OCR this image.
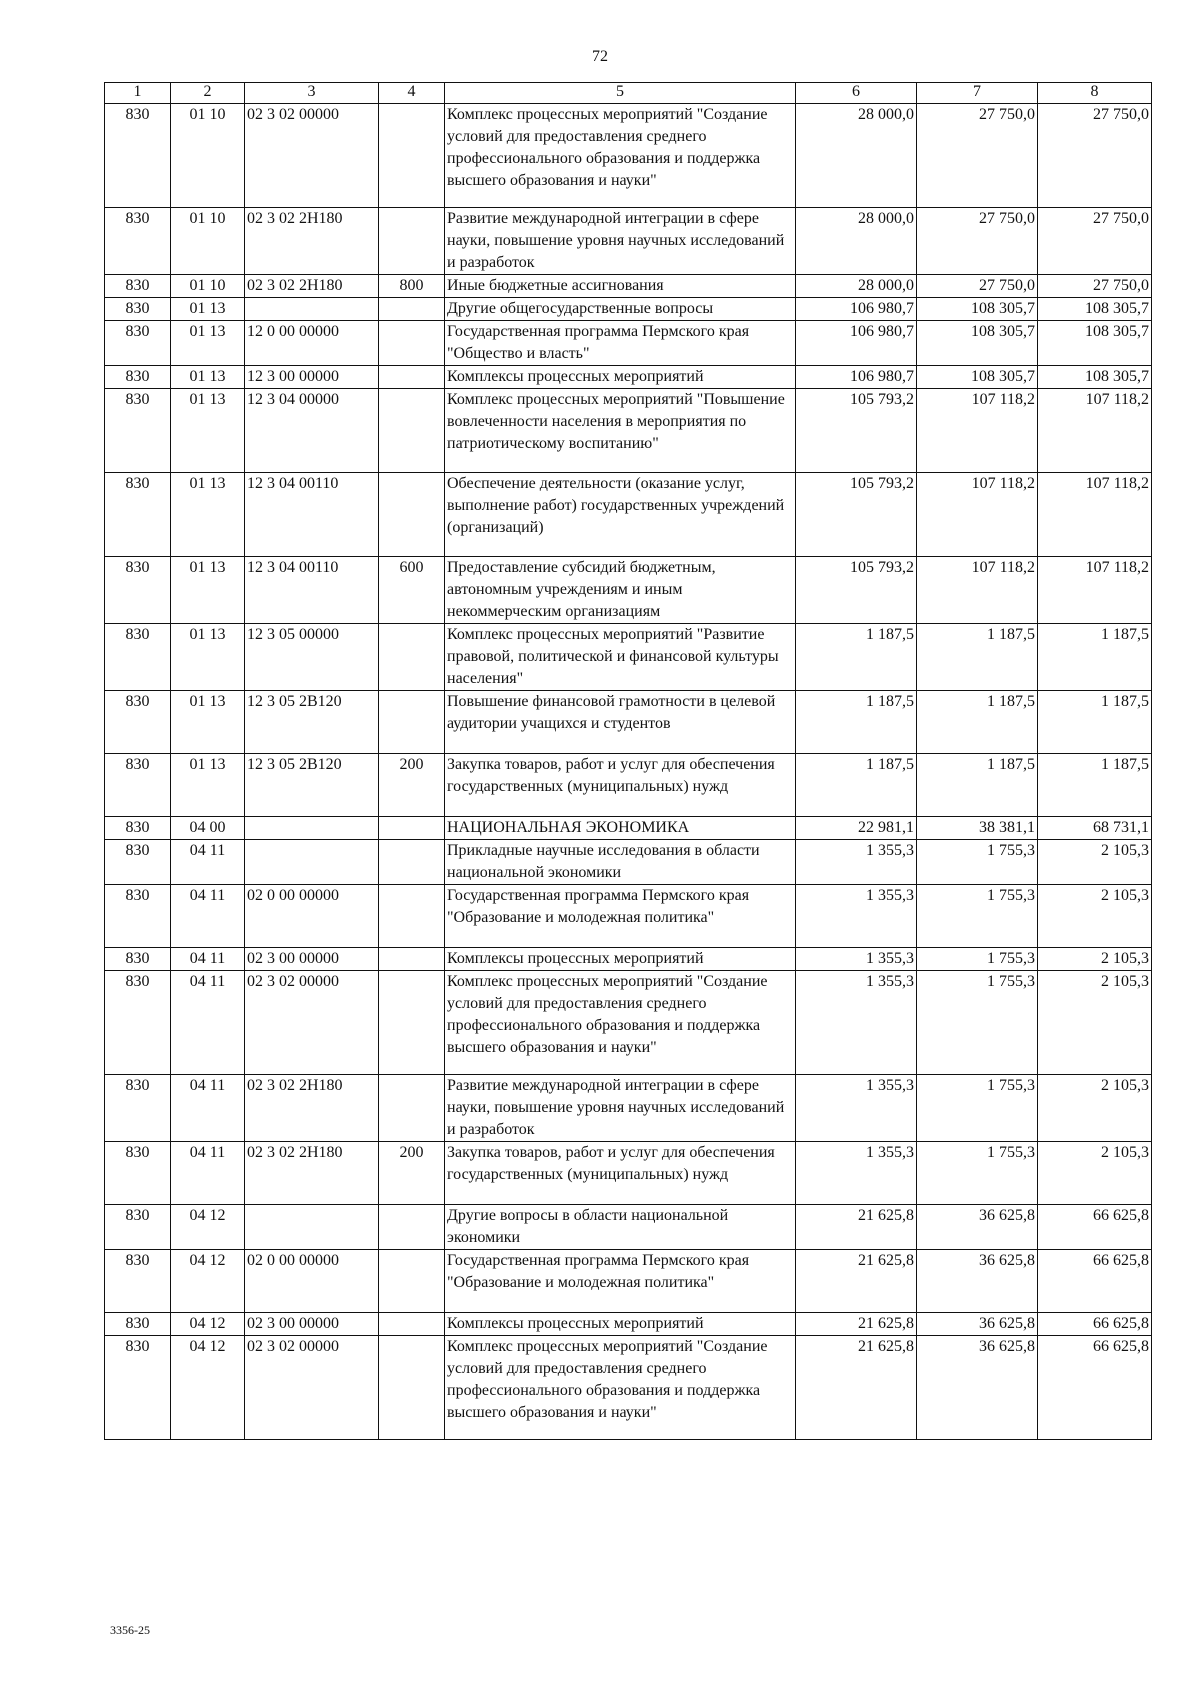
72
1	2	3	4	5	6	7	8
830	01 10	02 3 02 00000		Комплекс процессных мероприятий "Создание условий для предоставления среднего профессионального образования и поддержка высшего образования и науки"	28 000,0	27 750,0	27 750,0
830	01 10	02 3 02 2Н180		Развитие международной интеграции в сфере науки, повышение уровня научных исследований и разработок	28 000,0	27 750,0	27 750,0
830	01 10	02 3 02 2Н180	800	Иные бюджетные ассигнования	28 000,0	27 750,0	27 750,0
830	01 13			Другие общегосударственные вопросы	106 980,7	108 305,7	108 305,7
830	01 13	12 0 00 00000		Государственная программа Пермского края "Общество и власть"	106 980,7	108 305,7	108 305,7
830	01 13	12 3 00 00000		Комплексы процессных мероприятий	106 980,7	108 305,7	108 305,7
830	01 13	12 3 04 00000		Комплекс процессных мероприятий "Повышение вовлеченности населения в мероприятия по патриотическому воспитанию"	105 793,2	107 118,2	107 118,2
830	01 13	12 3 04 00110		Обеспечение деятельности (оказание услуг, выполнение работ) государственных учреждений (организаций)	105 793,2	107 118,2	107 118,2
830	01 13	12 3 04 00110	600	Предоставление субсидий бюджетным, автономным учреждениям и иным некоммерческим организациям	105 793,2	107 118,2	107 118,2
830	01 13	12 3 05 00000		Комплекс процессных мероприятий "Развитие правовой, политической и финансовой культуры населения"	1 187,5	1 187,5	1 187,5
830	01 13	12 3 05 2В120		Повышение финансовой грамотности в целевой аудитории учащихся и студентов	1 187,5	1 187,5	1 187,5
830	01 13	12 3 05 2В120	200	Закупка товаров, работ и услуг для обеспечения государственных (муниципальных) нужд	1 187,5	1 187,5	1 187,5
830	04 00			НАЦИОНАЛЬНАЯ ЭКОНОМИКА	22 981,1	38 381,1	68 731,1
830	04 11			Прикладные научные исследования в области национальной экономики	1 355,3	1 755,3	2 105,3
830	04 11	02 0 00 00000		Государственная программа Пермского края "Образование и молодежная политика"	1 355,3	1 755,3	2 105,3
830	04 11	02 3 00 00000		Комплексы процессных мероприятий	1 355,3	1 755,3	2 105,3
830	04 11	02 3 02 00000		Комплекс процессных мероприятий "Создание условий для предоставления среднего профессионального образования и поддержка высшего образования и науки"	1 355,3	1 755,3	2 105,3
830	04 11	02 3 02 2Н180		Развитие международной интеграции в сфере науки, повышение уровня научных исследований и разработок	1 355,3	1 755,3	2 105,3
830	04 11	02 3 02 2Н180	200	Закупка товаров, работ и услуг для обеспечения государственных (муниципальных) нужд	1 355,3	1 755,3	2 105,3
830	04 12			Другие вопросы в области национальной экономики	21 625,8	36 625,8	66 625,8
830	04 12	02 0 00 00000		Государственная программа Пермского края "Образование и молодежная политика"	21 625,8	36 625,8	66 625,8
830	04 12	02 3 00 00000		Комплексы процессных мероприятий	21 625,8	36 625,8	66 625,8
830	04 12	02 3 02 00000		Комплекс процессных мероприятий "Создание условий для предоставления среднего профессионального образования и поддержка высшего образования и науки"	21 625,8	36 625,8	66 625,8
3356-25
